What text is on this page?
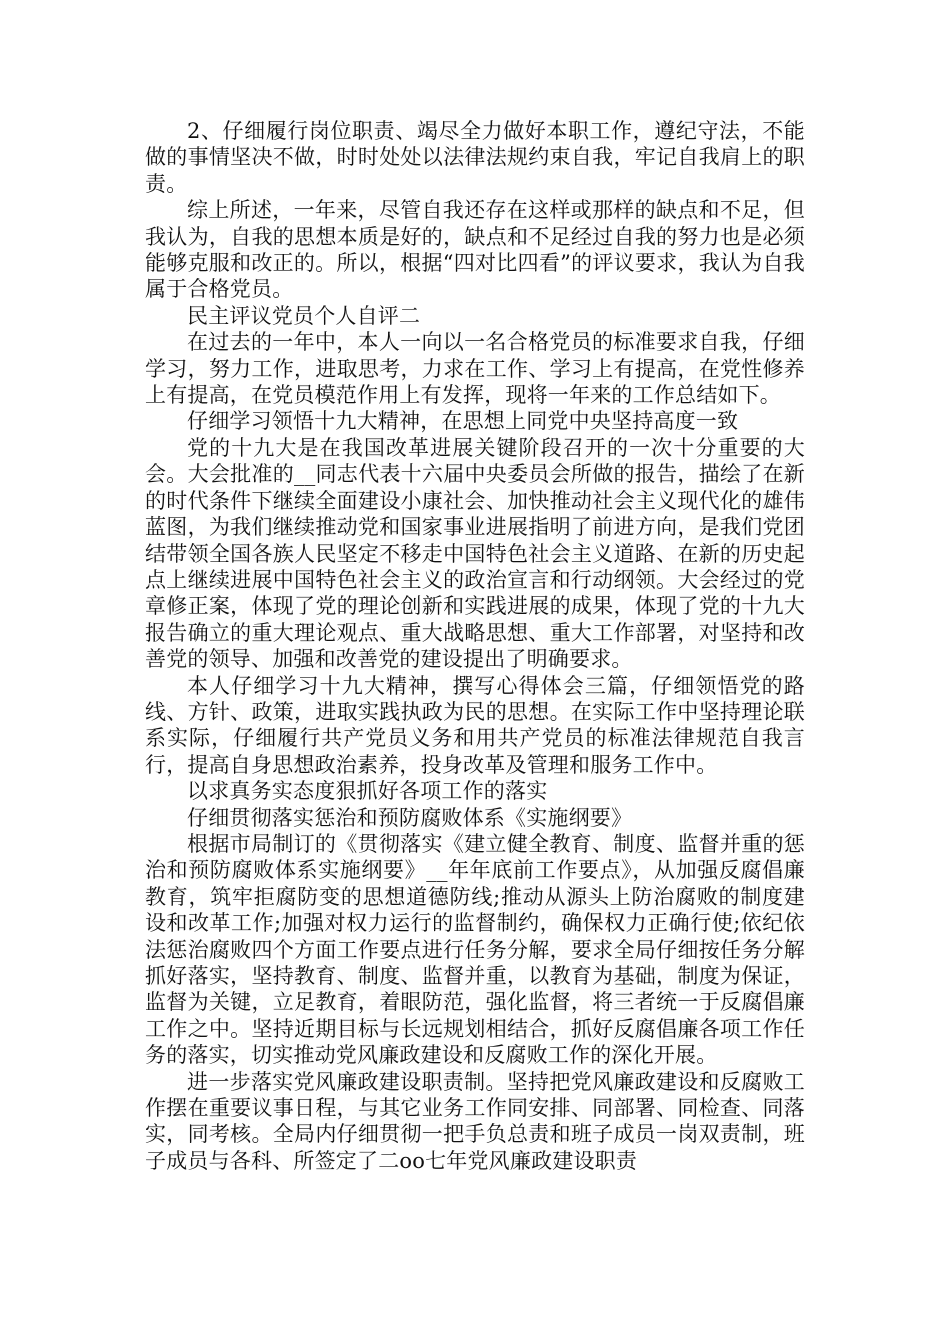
2、仔细履行岗位职责、竭尽全力做好本职工作，遵纪守法，不能做的事情坚决不做，时时处处以法律法规约束自我，牢记自我肩上的职责。

综上所述，一年来，尽管自我还存在这样或那样的缺点和不足，但我认为，自我的思想本质是好的，缺点和不足经过自我的努力也是必须能够克服和改正的。所以，根据“四对比四看”的评议要求，我认为自我属于合格党员。

民主评议党员个人自评二

在过去的一年中，本人一向以一名合格党员的标准要求自我，仔细学习，努力工作，进取思考，力求在工作、学习上有提高，在党性修养上有提高，在党员模范作用上有发挥，现将一年来的工作总结如下。

仔细学习领悟十九大精神，在思想上同党中央坚持高度一致

党的十九大是在我国改革进展关键阶段召开的一次十分重要的大会。大会批准的__同志代表十六届中央委员会所做的报告，描绘了在新的时代条件下继续全面建设小康社会、加快推动社会主义现代化的雄伟蓝图，为我们继续推动党和国家事业进展指明了前进方向，是我们党团结带领全国各族人民坚定不移走中国特色社会主义道路、在新的历史起点上继续进展中国特色社会主义的政治宣言和行动纲领。大会经过的党章修正案，体现了党的理论创新和实践进展的成果，体现了党的十九大报告确立的重大理论观点、重大战略思想、重大工作部署，对坚持和改善党的领导、加强和改善党的建设提出了明确要求。

本人仔细学习十九大精神，撰写心得体会三篇，仔细领悟党的路线、方针、政策，进取实践执政为民的思想。在实际工作中坚持理论联系实际，仔细履行共产党员义务和用共产党员的标准法律规范自我言行，提高自身思想政治素养，投身改革及管理和服务工作中。

以求真务实态度狠抓好各项工作的落实

仔细贯彻落实惩治和预防腐败体系《实施纲要》

根据市局制订的《贯彻落实《建立健全教育、制度、监督并重的惩治和预防腐败体系实施纲要》__年年底前工作要点》，从加强反腐倡廉教育，筑牢拒腐防变的思想道德防线;推动从源头上防治腐败的制度建设和改革工作;加强对权力运行的监督制约，确保权力正确行使;依纪依法惩治腐败四个方面工作要点进行任务分解，要求全局仔细按任务分解抓好落实，坚持教育、制度、监督并重，以教育为基础，制度为保证，监督为关键，立足教育，着眼防范，强化监督，将三者统一于反腐倡廉工作之中。坚持近期目标与长远规划相结合，抓好反腐倡廉各项工作任务的落实，切实推动党风廉政建设和反腐败工作的深化开展。

进一步落实党风廉政建设职责制。坚持把党风廉政建设和反腐败工作摆在重要议事日程，与其它业务工作同安排、同部署、同检查、同落实，同考核。全局内仔细贯彻一把手负总责和班子成员一岗双责制，班子成员与各科、所签定了二oo七年党风廉政建设职责
